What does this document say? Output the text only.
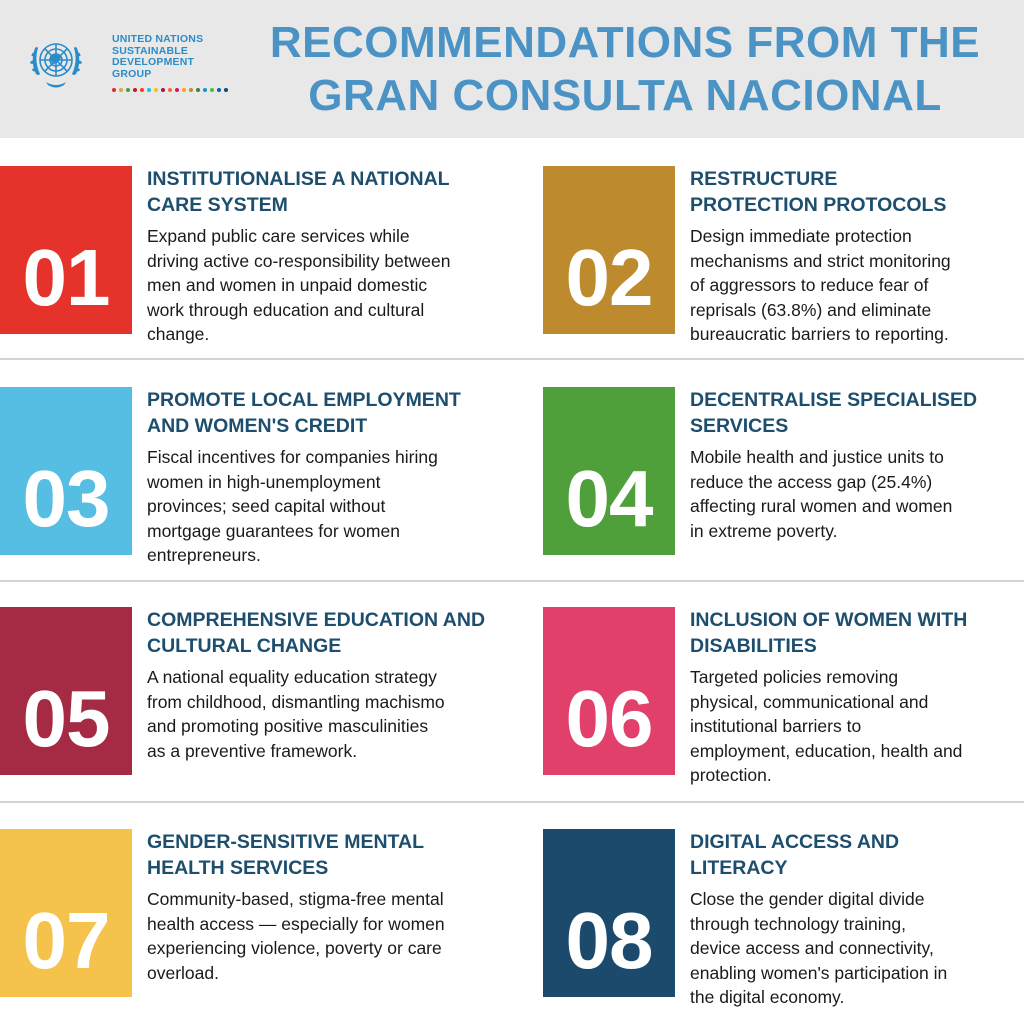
UNITED NATIONS
SUSTAINABLE
DEVELOPMENT
GROUP
RECOMMENDATIONS FROM THE
GRAN CONSULTA NACIONAL
01
INSTITUTIONALISE A NATIONAL
CARE SYSTEM
Expand public care services while
driving active co-responsibility between
men and women in unpaid domestic
work through education and cultural
change.
02
RESTRUCTURE
PROTECTION PROTOCOLS
Design immediate protection
mechanisms and strict monitoring
of aggressors to reduce fear of
reprisals (63.8%) and eliminate
bureaucratic barriers to reporting.
03
PROMOTE LOCAL EMPLOYMENT
AND WOMEN'S CREDIT
Fiscal incentives for companies hiring
women in high-unemployment
provinces; seed capital without
mortgage guarantees for women
entrepreneurs.
04
DECENTRALISE SPECIALISED
SERVICES
Mobile health and justice units to
reduce the access gap (25.4%)
affecting rural women and women
in extreme poverty.
05
COMPREHENSIVE EDUCATION AND
CULTURAL CHANGE
A national equality education strategy
from childhood, dismantling machismo
and promoting positive masculinities
as a preventive framework.	06
INCLUSION OF WOMEN WITH
DISABILITIES
Targeted policies removing
physical, communicational and
institutional barriers to
employment, education, health and
protection.
07
GENDER-SENSITIVE MENTAL
HEALTH SERVICES
Community-based, stigma-free mental
health access — especially for women
experiencing violence, poverty or care
overload.	08
DIGITAL ACCESS AND
LITERACY
Close the gender digital divide
through technology training,
device access and connectivity,
enabling women's participation in
the digital economy.
